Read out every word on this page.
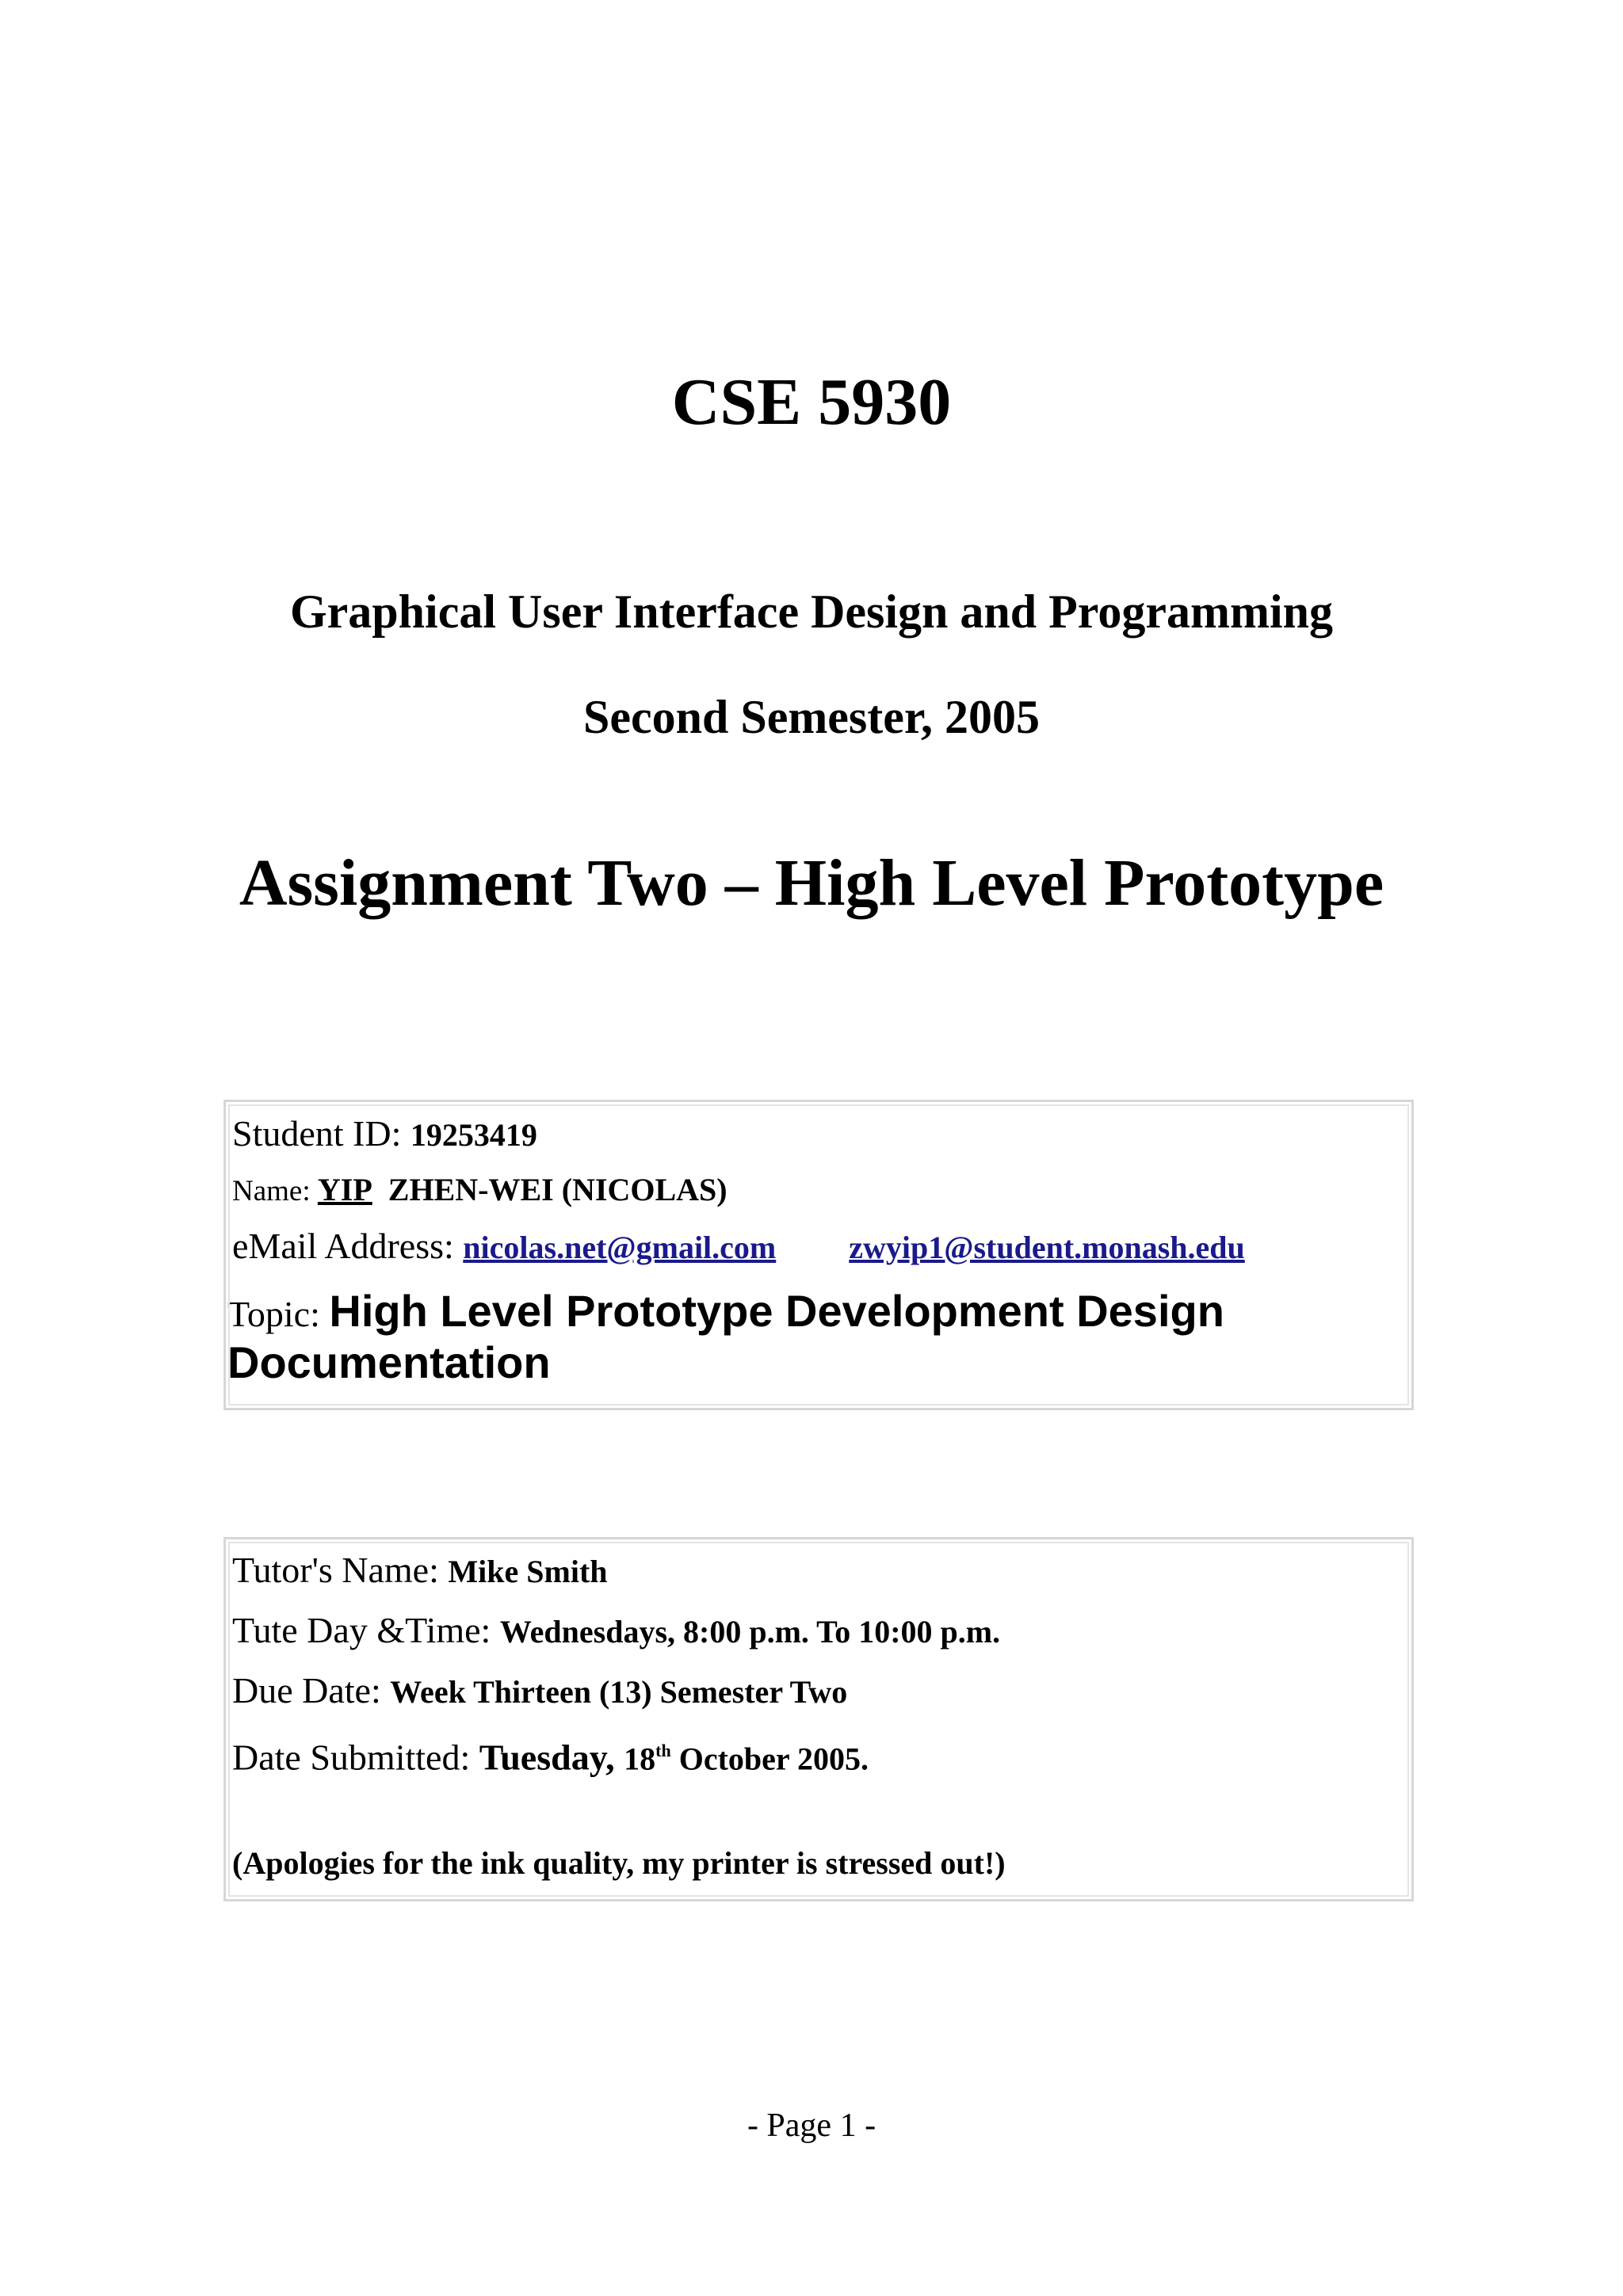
CSE 5930
Graphical User Interface Design and Programming
Second Semester, 2005
Assignment Two – High Level Prototype
Student ID: 19253419
Name: YIP ZHEN-WEI (NICOLAS)
eMail Address: nicolas.net@gmail.com zwyip1@student.monash.edu
Topic: High Level Prototype Development Design
Documentation
Tutor's Name: Mike Smith
Tute Day &Time: Wednesdays, 8:00 p.m. To 10:00 p.m.
Due Date: Week Thirteen (13) Semester Two
Date Submitted: Tuesday, 18th October 2005.
(Apologies for the ink quality, my printer is stressed out!)
- Page 1 -
